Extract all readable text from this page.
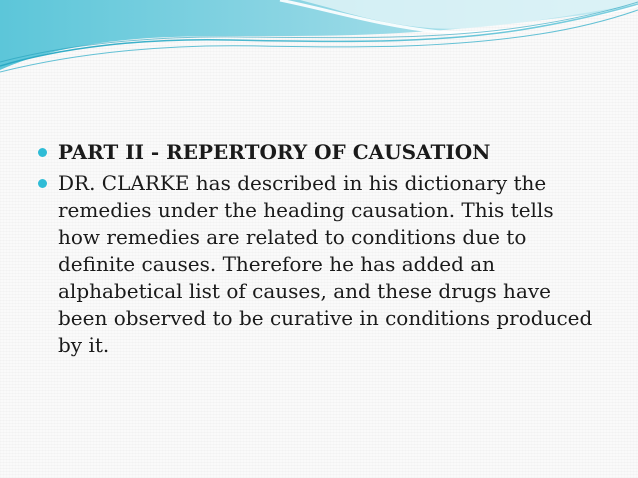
PART II - REPERTORY OF CAUSATION
DR. CLARKE has described in his dictionary the remedies under the heading causation. This tells how remedies are related to conditions due to definite causes. Therefore he has added an alphabetical list of causes, and these drugs have been observed to be curative in conditions produced by it.
